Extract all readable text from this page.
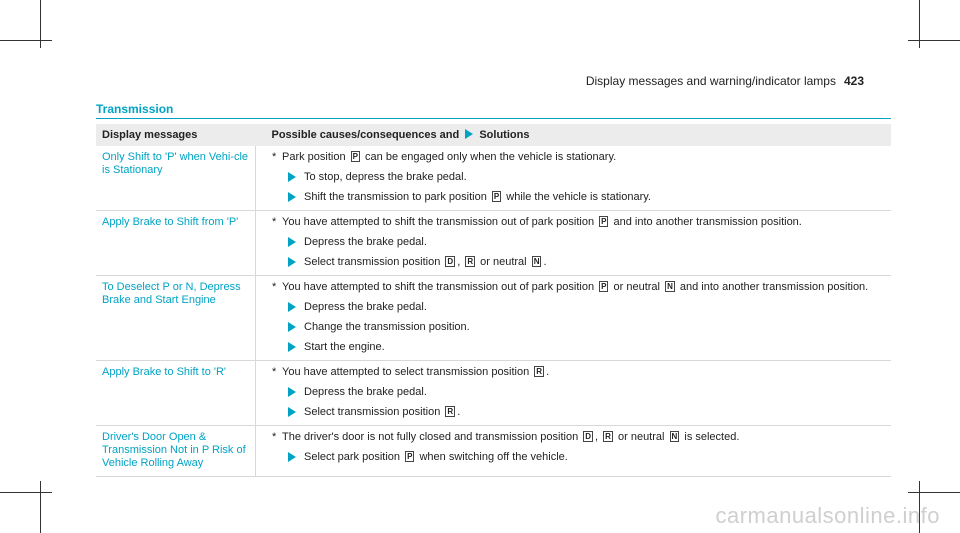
Display messages and warning/indicator lamps 423
Transmission
Display messages	Possible causes/consequences and Solutions
Only Shift to 'P' when Vehi-cle is Stationary	* Park position P can be engaged only when the vehicle is stationary.
To stop, depress the brake pedal.
Shift the transmission to park position P while the vehicle is stationary.

Apply Brake to Shift from 'P'	* You have attempted to shift the transmission out of park position P and into another transmission position.
Depress the brake pedal.
Select transmission position D , R or neutral N .

To Deselect P or N, Depress Brake and Start Engine	* You have attempted to shift the transmission out of park position P or neutral N and into another transmission position.
Depress the brake pedal.
Change the transmission position.
Start the engine.

Apply Brake to Shift to 'R'	* You have attempted to select transmission position R .
Depress the brake pedal.
Select transmission position R .

Driver's Door Open & Transmission Not in P Risk of Vehicle Rolling Away	* The driver's door is not fully closed and transmission position D , R or neutral N is selected.
Select park position P when switching off the vehicle.
carmanualsonline.info
